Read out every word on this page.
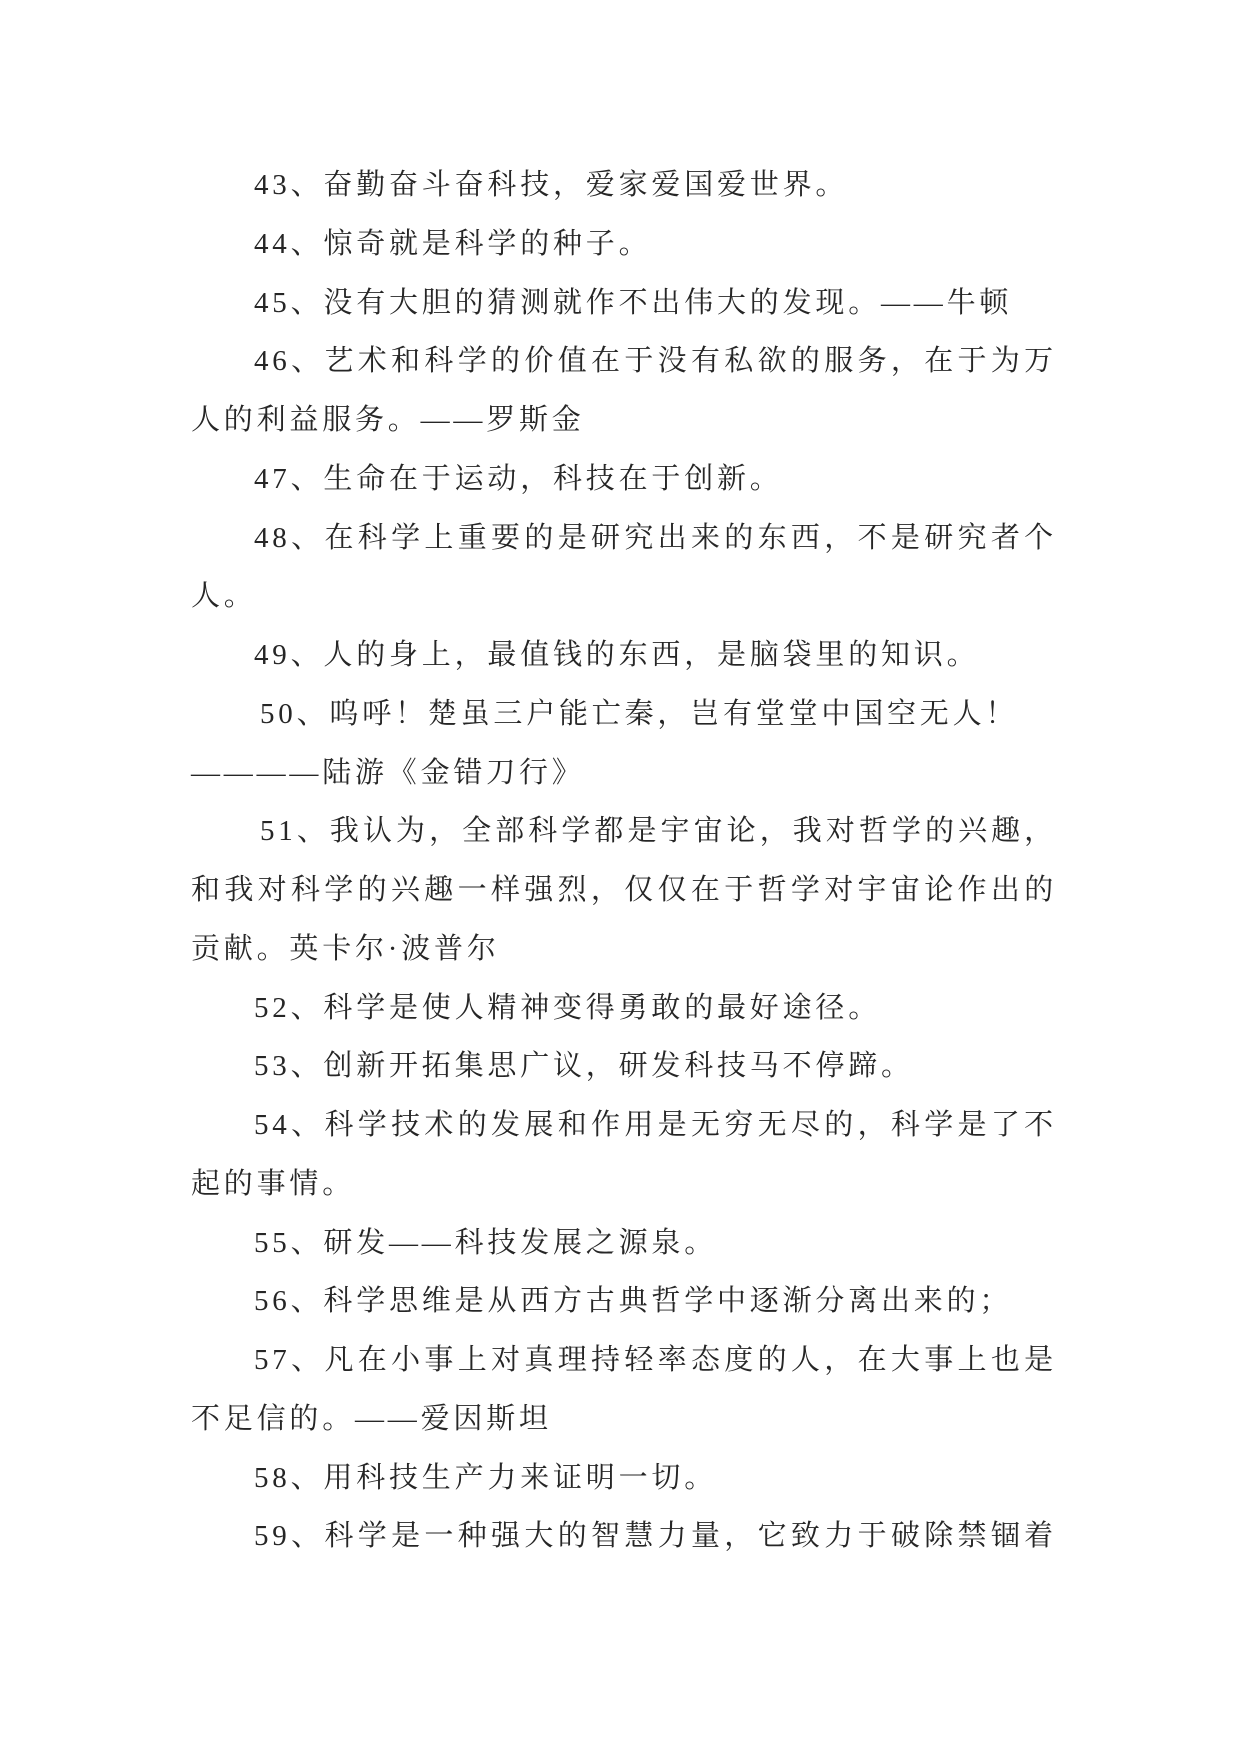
43、奋勤奋斗奋科技，爱家爱国爱世界。
44、惊奇就是科学的种子。
45、没有大胆的猜测就作不出伟大的发现。——牛顿
46、艺术和科学的价值在于没有私欲的服务，在于为万
人的利益服务。——罗斯金
47、生命在于运动，科技在于创新。
48、在科学上重要的是研究出来的东西，不是研究者个
人。
49、人的身上，最值钱的东西，是脑袋里的知识。
50、呜呼！楚虽三户能亡秦，岂有堂堂中国空无人！
————陆游《金错刀行》
51、我认为，全部科学都是宇宙论，我对哲学的兴趣，
和我对科学的兴趣一样强烈，仅仅在于哲学对宇宙论作出的
贡献。英卡尔·波普尔
52、科学是使人精神变得勇敢的最好途径。
53、创新开拓集思广议，研发科技马不停蹄。
54、科学技术的发展和作用是无穷无尽的，科学是了不
起的事情。
55、研发——科技发展之源泉。
56、科学思维是从西方古典哲学中逐渐分离出来的；
57、凡在小事上对真理持轻率态度的人，在大事上也是
不足信的。——爱因斯坦
58、用科技生产力来证明一切。
59、科学是一种强大的智慧力量，它致力于破除禁锢着
